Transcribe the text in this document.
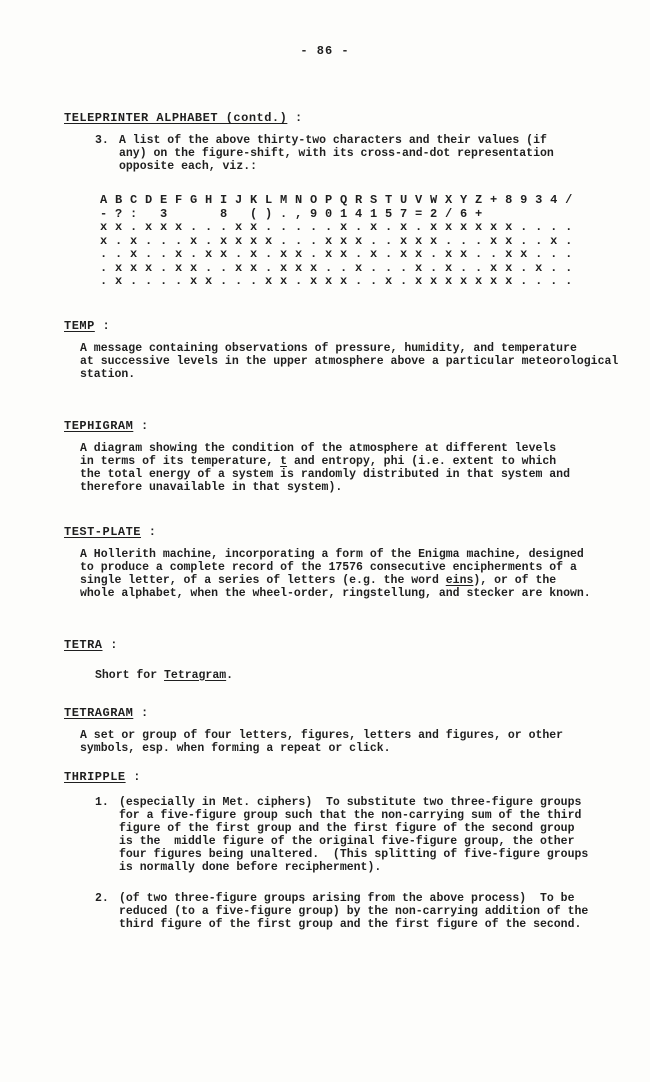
- 86 -
TELEPRINTER ALPHABET (contd.) :
3. A list of the above thirty-two characters and their values (if
any) on the figure-shift, with its cross-and-dot representation
opposite each, viz.:
A B C D E F G H I J K L M N O P Q R S T U V W X Y Z + 8 9 3 4 /
- ? :   3       8   ( ) . , 9 0 1 4 1 5 7 = 2 / 6 +
x x . x x x . . . x x . . . . . x . x . x . x x x x x x . . . .
x . x . . . x . x x x x . . . x x x . . x x x . . . x x . . x .
. . x . . x . x x . x . x x . x x . x . x x . x x . . x x . . .
. x x x . x x . . x x . x x x . . x . . . x . x . . x x . x . .
. x . . . . x x . . . x x . x x x . . x . x x x x x x x . . . .
TEMP :
A message containing observations of pressure, humidity, and temperature
at successive levels in the upper atmosphere above a particular meteorological
station.
TEPHIGRAM :
A diagram showing the condition of the atmosphere at different levels
in terms of its temperature, t and entropy, phi (i.e. extent to which
the total energy of a system is randomly distributed in that system and
therefore unavailable in that system).
TEST-PLATE :
A Hollerith machine, incorporating a form of the Enigma machine, designed
to produce a complete record of the 17576 consecutive encipherments of a
single letter, of a series of letters (e.g. the word eins), or of the
whole alphabet, when the wheel-order, ringstellung, and stecker are known.
TETRA :
Short for Tetragram.
TETRAGRAM :
A set or group of four letters, figures, letters and figures, or other
symbols, esp. when forming a repeat or click.
THRIPPLE :
1. (especially in Met. ciphers)  To substitute two three-figure groups
for a five-figure group such that the non-carrying sum of the third
figure of the first group and the first figure of the second group
is the  middle figure of the original five-figure group, the other
four figures being unaltered.  (This splitting of five-figure groups
is normally done before recipherment).
2. (of two three-figure groups arising from the above process)  To be
reduced (to a five-figure group) by the non-carrying addition of the
third figure of the first group and the first figure of the second.
